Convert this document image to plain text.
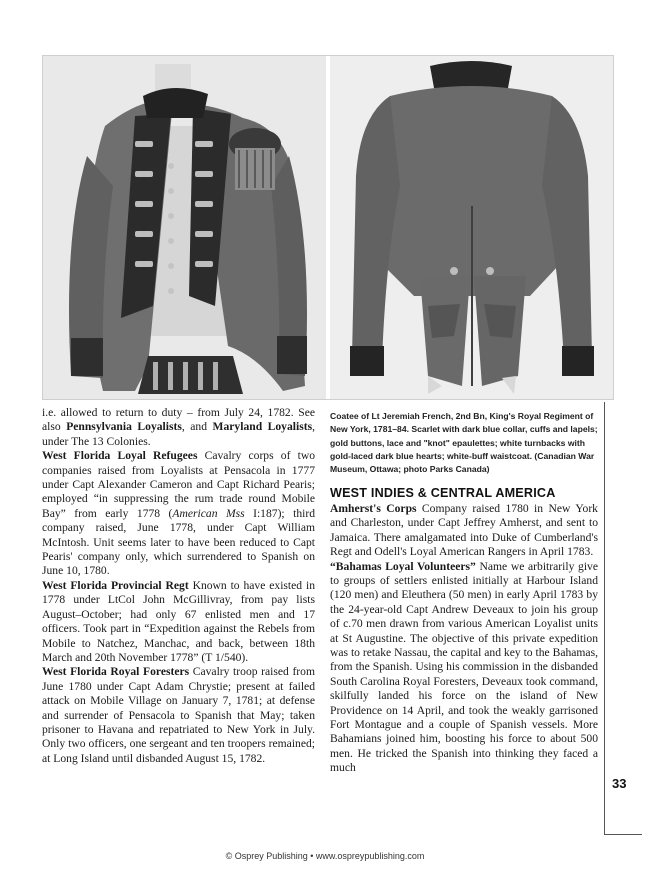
i.e. allowed to return to duty – from July 24, 1782. See also Pennsylvania Loyalists, and Maryland Loyalists, under The 13 Colonies.

West Florida Loyal Refugees Cavalry corps of two companies raised from Loyalists at Pensacola in 1777 under Capt Alexander Cameron and Capt Richard Pearis; employed “in suppressing the rum trade round Mobile Bay” from early 1778 (American Mss I:187); third company raised, June 1778, under Capt William McIntosh. Unit seems later to have been reduced to Capt Pearis' company only, which surrendered to Spanish on June 10, 1780.

West Florida Provincial Regt Known to have existed in 1778 under LtCol John McGillivray, from pay lists August–October; had only 67 enlisted men and 17 officers. Took part in “Expedition against the Rebels from Mobile to Natchez, Manchac, and back, between 18th March and 20th November 1778” (T 1/540).

West Florida Royal Foresters Cavalry troop raised from June 1780 under Capt Adam Chrystie; present at failed attack on Mobile Village on January 7, 1781; at defense and surrender of Pensacola to Spanish that May; taken prisoner to Havana and repatriated to New York in July. Only two officers, one sergeant and ten troopers remained; at Long Island until disbanded August 15, 1782.

Coatee of Lt Jeremiah French, 2nd Bn, King's Royal Regiment of New York, 1781–84. Scarlet with dark blue collar, cuffs and lapels; gold buttons, lace and "knot" epaulettes; white turnbacks with gold-laced dark blue hearts; white-buff waistcoat. (Canadian War Museum, Ottawa; photo Parks Canada)
WEST INDIES & CENTRAL AMERICA

Amherst's Corps Company raised 1780 in New York and Charleston, under Capt Jeffrey Amherst, and sent to Jamaica. There amalgamated into Duke of Cumberland's Regt and Odell's Loyal American Rangers in April 1783.

“Bahamas Loyal Volunteers” Name we arbitrarily give to groups of settlers enlisted initially at Harbour Island (120 men) and Eleuthera (50 men) in early April 1783 by the 24-year-old Capt Andrew Deveaux to join his group of c.70 men drawn from various American Loyalist units at St Augustine. The objective of this private expedition was to retake Nassau, the capital and key to the Bahamas, from the Spanish. Using his commission in the disbanded South Carolina Royal Foresters, Deveaux took command, skilfully landed his force on the island of New Providence on 14 April, and took the weakly garrisoned Fort Montague and a couple of Spanish vessels. More Bahamians joined him, boosting his force to about 500 men. He tricked the Spanish into thinking they faced a much

33
© Osprey Publishing • www.ospreypublishing.com
